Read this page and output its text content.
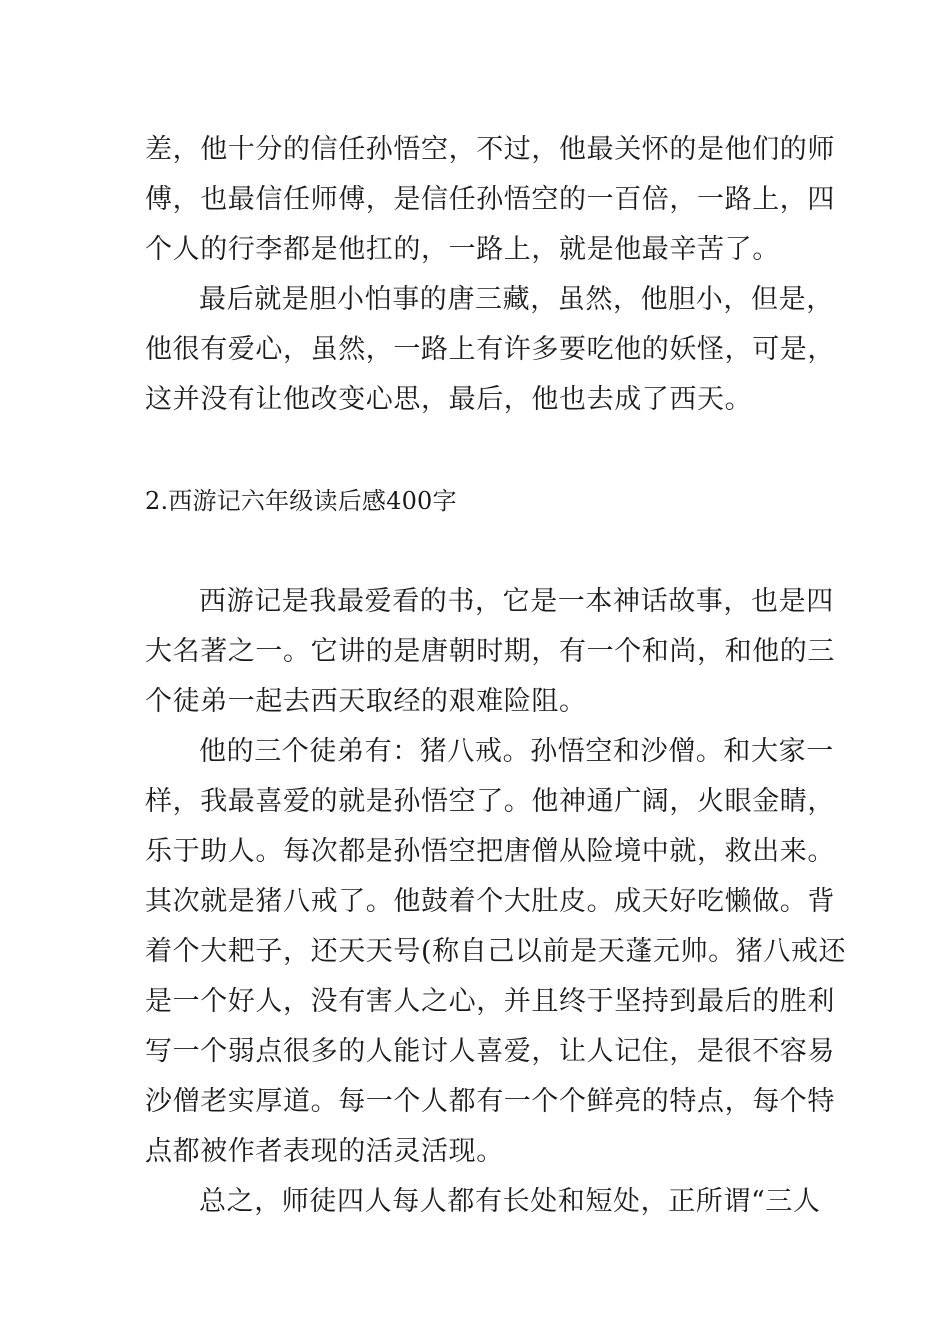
差，他十分的信任孙悟空，不过，他最关怀的是他们的师
傅，也最信任师傅，是信任孙悟空的一百倍，一路上，四
个人的行李都是他扛的，一路上，就是他最辛苦了。
最后就是胆小怕事的唐三藏，虽然，他胆小，但是，
他很有爱心，虽然，一路上有许多要吃他的妖怪，可是，
这并没有让他改变心思，最后，他也去成了西天。
2.西游记六年级读后感400字
西游记是我最爱看的书，它是一本神话故事，也是四
大名著之一。它讲的是唐朝时期，有一个和尚，和他的三
个徒弟一起去西天取经的艰难险阻。
他的三个徒弟有：猪八戒。孙悟空和沙僧。和大家一
样，我最喜爱的就是孙悟空了。他神通广阔，火眼金睛，
乐于助人。每次都是孙悟空把唐僧从险境中就，救出来。
其次就是猪八戒了。他鼓着个大肚皮。成天好吃懒做。背
着个大耙子，还天天号(称自己以前是天蓬元帅。猪八戒还
是一个好人，没有害人之心，并且终于坚持到最后的胜利
写一个弱点很多的人能讨人喜爱，让人记住，是很不容易
沙僧老实厚道。每一个人都有一个个鲜亮的特点，每个特
点都被作者表现的活灵活现。
总之，师徒四人每人都有长处和短处，正所谓“三人
